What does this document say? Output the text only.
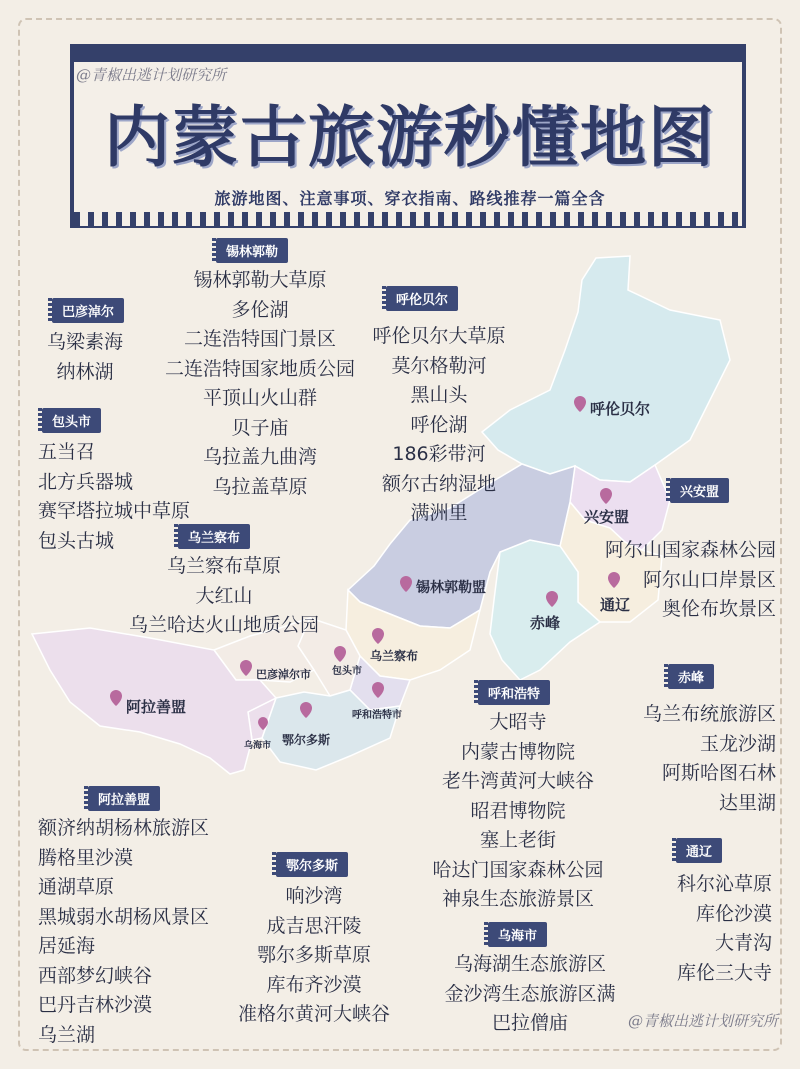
@青椒出逃计划研究所
内蒙古旅游秒懂地图
旅游地图、注意事项、穿衣指南、路线推荐一篇全含
呼伦贝尔
兴安盟
通辽
赤峰
锡林郭勒盟
乌兰察布
包头市
巴彦淖尔市
呼和浩特市
鄂尔多斯
乌海市
阿拉善盟
锡林郭勒
锡林郭勒大草原
多伦湖
二连浩特国门景区
二连浩特国家地质公园
平顶山火山群
贝子庙
乌拉盖九曲湾
乌拉盖草原
巴彦淖尔
乌梁素海
纳林湖
包头市
五当召
北方兵器城
赛罕塔拉城中草原
包头古城
呼伦贝尔
呼伦贝尔大草原
莫尔格勒河
黑山头
呼伦湖
186彩带河
额尔古纳湿地
满洲里
乌兰察布
乌兰察布草原
大红山
乌兰哈达火山地质公园
兴安盟
阿尔山国家森林公园
阿尔山口岸景区
奥伦布坎景区
赤峰
乌兰布统旅游区
玉龙沙湖
阿斯哈图石林
达里湖
呼和浩特
大昭寺
内蒙古博物院
老牛湾黄河大峡谷
昭君博物院
塞上老街
哈达门国家森林公园
神泉生态旅游景区
阿拉善盟
额济纳胡杨林旅游区
腾格里沙漠
通湖草原
黑城弱水胡杨风景区
居延海
西部梦幻峡谷
巴丹吉林沙漠
乌兰湖
鄂尔多斯
响沙湾
成吉思汗陵
鄂尔多斯草原
库布齐沙漠
准格尔黄河大峡谷
通辽
科尔沁草原
库伦沙漠
大青沟
库伦三大寺
乌海市
乌海湖生态旅游区
金沙湾生态旅游区满
巴拉僧庙	@青椒出逃计划研究所
